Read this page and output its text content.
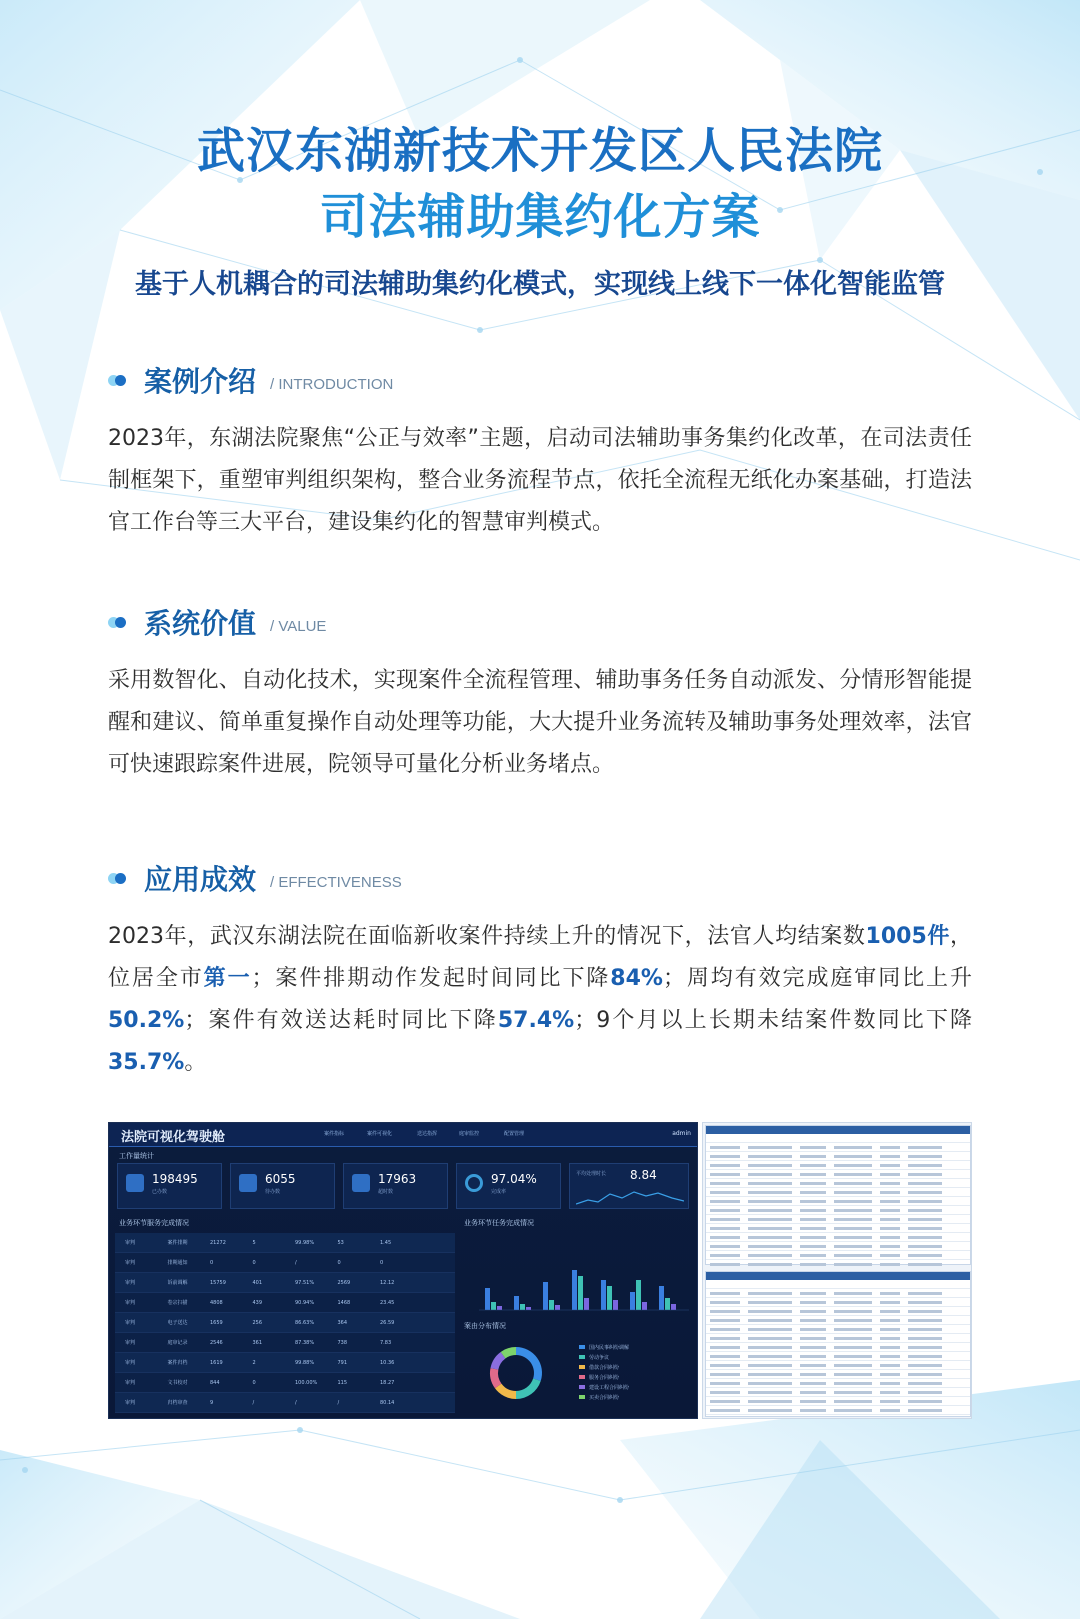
武汉东湖新技术开发区人民法院
司法辅助集约化方案
基于人机耦合的司法辅助集约化模式，实现线上线下一体化智能监管
案例介绍 / INTRODUCTION

2023年，东湖法院聚焦“公正与效率”主题，启动司法辅助事务集约化改革，在司法责任制框架下，重塑审判组织架构，整合业务流程节点，依托全流程无纸化办案基础，打造法官工作台等三大平台，建设集约化的智慧审判模式。

系统价值 / VALUE

采用数智化、自动化技术，实现案件全流程管理、辅助事务任务自动派发、分情形智能提醒和建议、简单重复操作自动处理等功能，大大提升业务流转及辅助事务处理效率，法官可快速跟踪案件进展，院领导可量化分析业务堵点。

应用成效 / EFFECTIVENESS

2023年，武汉东湖法院在面临新收案件持续上升的情况下，法官人均结案数1005件，位居全市第一；案件排期动作发起时间同比下降84%；周均有效完成庭审同比上升50.2%；案件有效送达耗时同比下降57.4%；9个月以上长期未结案件数同比下降35.7%。

法院可视化驾驶舱	案件指标	案件可视化	送达指挥	庭审监控	配置管理	admin
工作量统计
198495
已办数
6055
待办数
17963
超时数
97.04%
完成率
平均处理时长 8.84
业务环节服务完成情况
审判	案件排期	21272	5	99.98%	53	1.45
审判	排期通知	0	0	/	0	0
审判	诉前调解	15759	401	97.51%	2569	12.12
审判	卷宗扫描	4808	439	90.94%	1468	23.45
审判	电子送达	1659	256	86.63%	364	26.59
审判	庭审记录	2546	361	87.38%	738	7.83
审判	案件归档	1619	2	99.88%	791	10.36
审判	文书校对	844	0	100.00%	115	18.27
审判	归档审查	9	/	/	/	80.14
业务环节任务完成情况
案由分布情况
国内民事纠纷调解
劳动争议
借款合同纠纷
服务合同纠纷
建设工程合同纠纷
买卖合同纠纷
